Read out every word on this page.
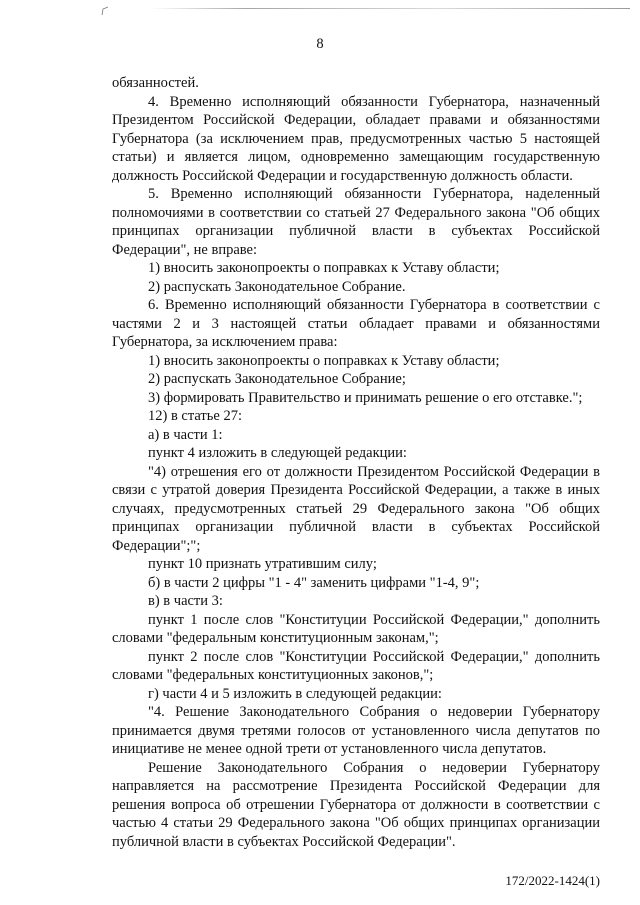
8

обязанностей.

4. Временно исполняющий обязанности Губернатора, назначенный Президентом Российской Федерации, обладает правами и обязанностями Губернатора (за исключением прав, предусмотренных частью 5 настоящей статьи) и является лицом, одновременно замещающим государственную должность Российской Федерации и государственную должность области.

5. Временно исполняющий обязанности Губернатора, наделенный полномочиями в соответствии со статьей 27 Федерального закона "Об общих принципах организации публичной власти в субъектах Российской Федерации", не вправе:

1) вносить законопроекты о поправках к Уставу области;

2) распускать Законодательное Собрание.

6. Временно исполняющий обязанности Губернатора в соответствии с частями 2 и 3 настоящей статьи обладает правами и обязанностями Губернатора, за исключением права:

1) вносить законопроекты о поправках к Уставу области;

2) распускать Законодательное Собрание;

3) формировать Правительство и принимать решение о его отставке.";

12) в статье 27:

а) в части 1:

пункт 4 изложить в следующей редакции:

"4) отрешения его от должности Президентом Российской Федерации в связи с утратой доверия Президента Российской Федерации, а также в иных случаях, предусмотренных статьей 29 Федерального закона "Об общих принципах организации публичной власти в субъектах Российской Федерации";";

пункт 10 признать утратившим силу;

б) в части 2 цифры "1 - 4" заменить цифрами "1-4, 9";

в) в части 3:

пункт 1 после слов "Конституции Российской Федерации," дополнить словами "федеральным конституционным законам,";

пункт 2 после слов "Конституции Российской Федерации," дополнить словами "федеральных конституционных законов,";

г) части 4 и 5 изложить в следующей редакции:

"4. Решение Законодательного Собрания о недоверии Губернатору принимается двумя третями голосов от установленного числа депутатов по инициативе не менее одной трети от установленного числа депутатов.

Решение Законодательного Собрания о недоверии Губернатору направляется на рассмотрение Президента Российской Федерации для решения вопроса об отрешении Губернатора от должности в соответствии с частью 4 статьи 29 Федерального закона "Об общих принципах организации публичной власти в субъектах Российской Федерации".

172/2022-1424(1)
